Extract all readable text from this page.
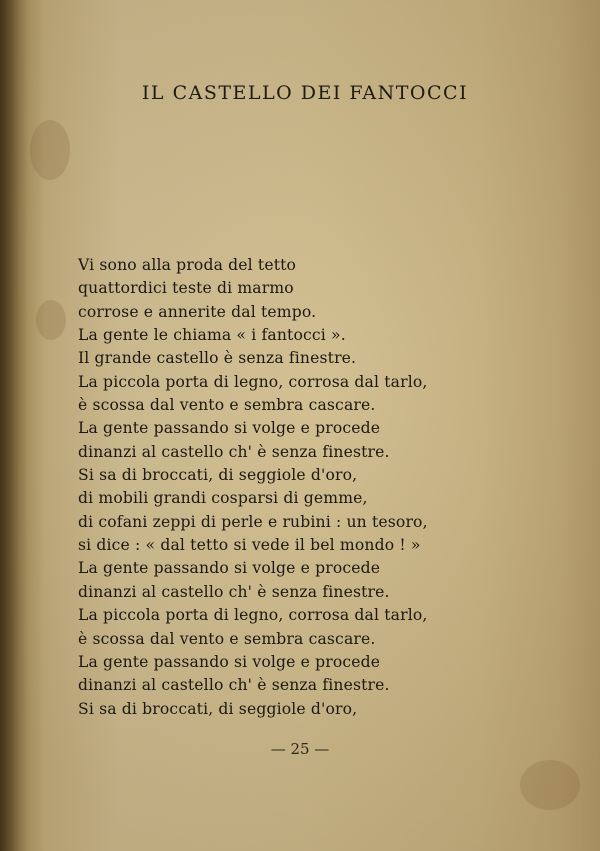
IL CASTELLO DEI FANTOCCI
Vi sono alla proda del tetto
quattordici teste di marmo
corrose e annerite dal tempo.
La gente le chiama « i fantocci ».
Il grande castello è senza finestre.
La piccola porta di legno, corrosa dal tarlo,
è scossa dal vento e sembra cascare.
La gente passando si volge e procede
dinanzi al castello ch' è senza finestre.
Si sa di broccati, di seggiole d'oro,
di mobili grandi cosparsi di gemme,
di cofani zeppi di perle e rubini : un tesoro,
si dice : « dal tetto si vede il bel mondo ! »
La gente passando si volge e procede
dinanzi al castello ch' è senza finestre.
La piccola porta di legno, corrosa dal tarlo,
è scossa dal vento e sembra cascare.
La gente passando si volge e procede
dinanzi al castello ch' è senza finestre.
Si sa di broccati, di seggiole d'oro,
— 25 —
